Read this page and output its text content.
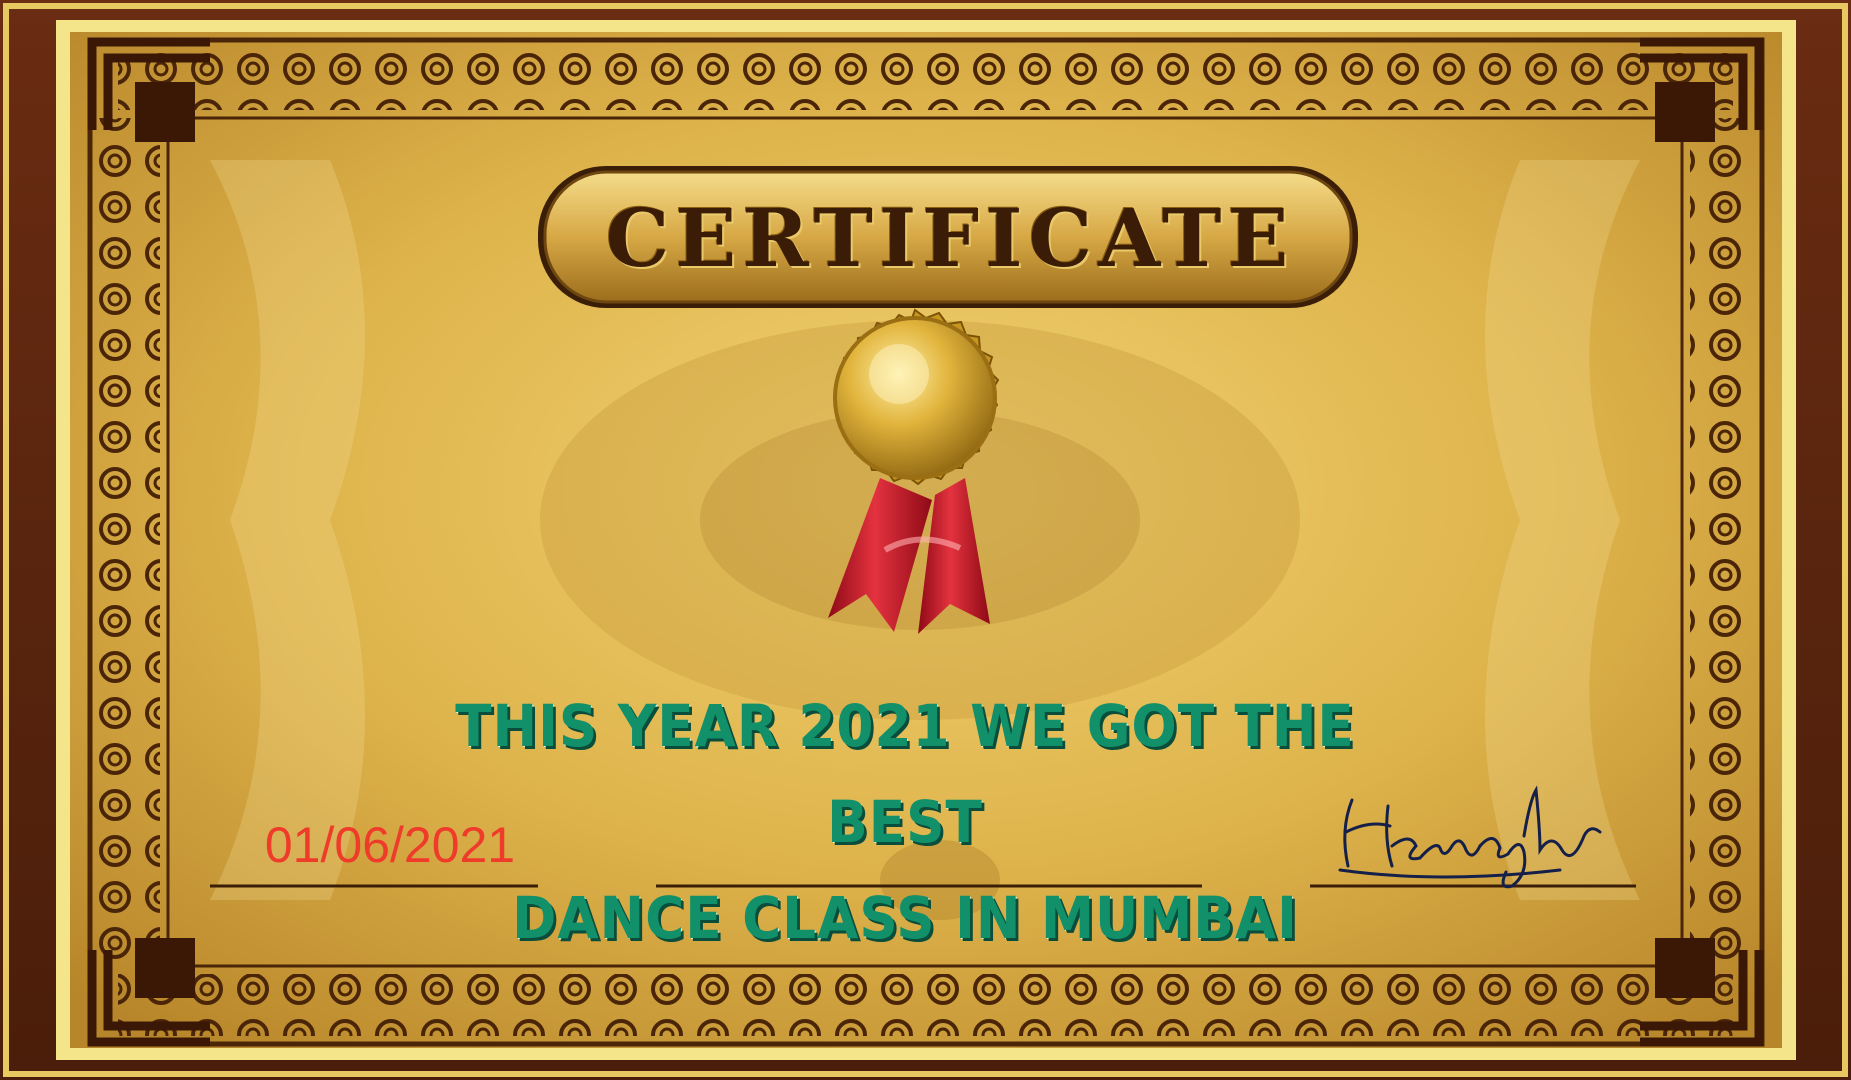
CERTIFICATE
THIS YEAR 2021 WE GOT THE BEST
DANCE CLASS IN MUMBAI
01/06/2021
